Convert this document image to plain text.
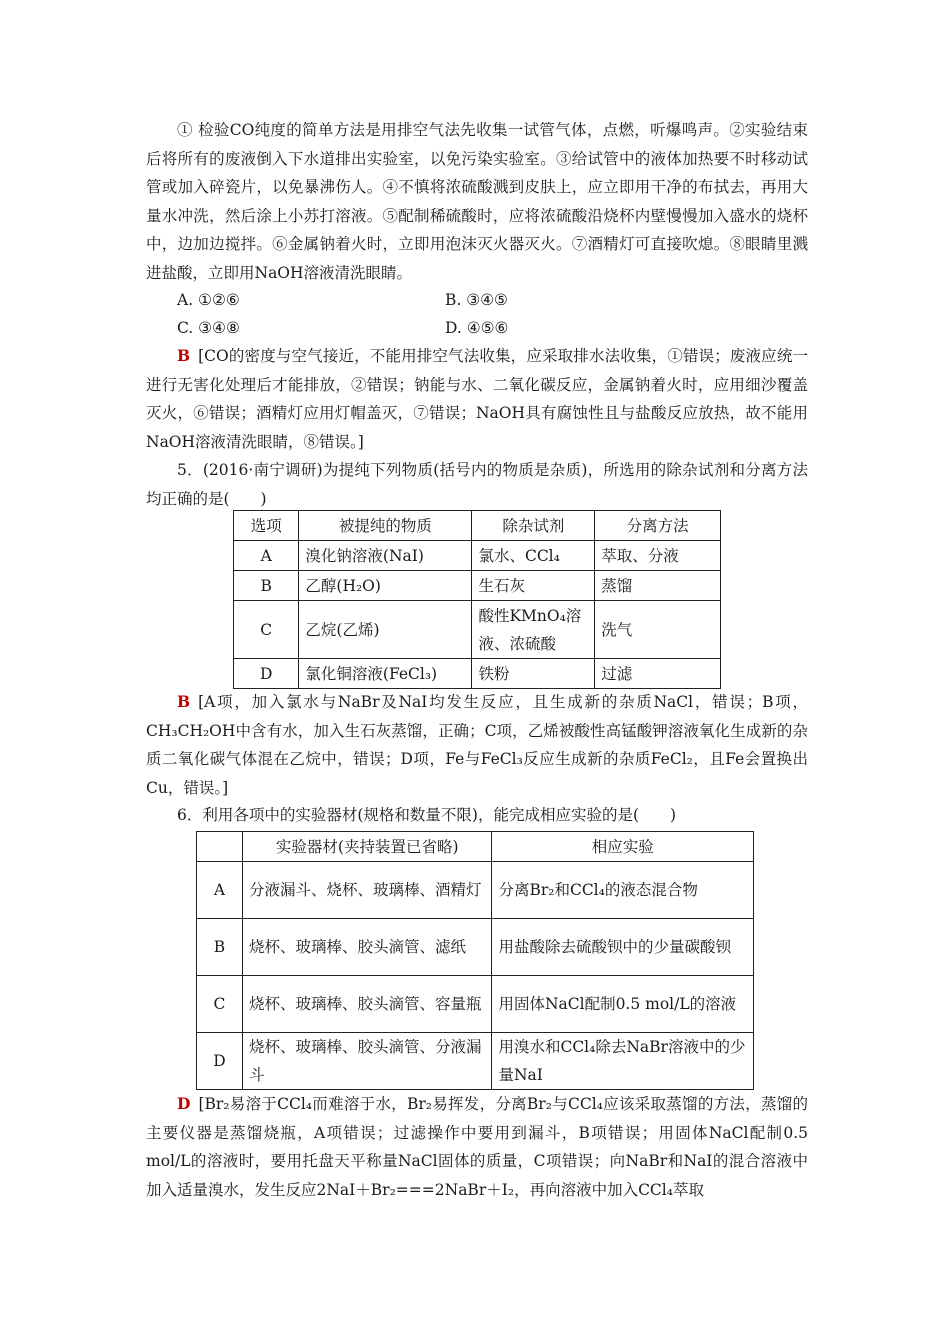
① 检验CO纯度的简单方法是用排空气法先收集一试管气体，点燃，听爆鸣声。②实验结束后将所有的废液倒入下水道排出实验室，以免污染实验室。③给试管中的液体加热要不时移动试管或加入碎瓷片，以免暴沸伤人。④不慎将浓硫酸溅到皮肤上，应立即用干净的布拭去，再用大量水冲洗，然后涂上小苏打溶液。⑤配制稀硫酸时，应将浓硫酸沿烧杯内壁慢慢加入盛水的烧杯中，边加边搅拌。⑥金属钠着火时，立即用泡沫灭火器灭火。⑦酒精灯可直接吹熄。⑧眼睛里溅进盐酸，立即用NaOH溶液清洗眼睛。
A. ①②⑥	B. ③④⑤
C. ③④⑧	D. ④⑤⑥
B [CO的密度与空气接近，不能用排空气法收集，应采取排水法收集，①错误；废液应统一进行无害化处理后才能排放，②错误；钠能与水、二氧化碳反应，金属钠着火时，应用细沙覆盖灭火，⑥错误；酒精灯应用灯帽盖灭，⑦错误；NaOH具有腐蚀性且与盐酸反应放热，故不能用NaOH溶液清洗眼睛，⑧错误。]
5．(2016·南宁调研)为提纯下列物质(括号内的物质是杂质)，所选用的除杂试剂和分离方法均正确的是(　　)
选项	被提纯的物质	除杂试剂	分离方法
A	溴化钠溶液(NaI)	氯水、CCl₄	萃取、分液
B	乙醇(H₂O)	生石灰	蒸馏
C	乙烷(乙烯)	酸性KMnO₄溶液、浓硫酸	洗气
D	氯化铜溶液(FeCl₃)	铁粉	过滤
B [A项，加入氯水与NaBr及NaI均发生反应，且生成新的杂质NaCl，错误；B项，CH₃CH₂OH中含有水，加入生石灰蒸馏，正确；C项，乙烯被酸性高锰酸钾溶液氧化生成新的杂质二氧化碳气体混在乙烷中，错误；D项，Fe与FeCl₃反应生成新的杂质FeCl₂，且Fe会置换出Cu，错误。]
6．利用各项中的实验器材(规格和数量不限)，能完成相应实验的是(　　)
	实验器材(夹持装置已省略)	相应实验
A	分液漏斗、烧杯、玻璃棒、酒精灯	分离Br₂和CCl₄的液态混合物
B	烧杯、玻璃棒、胶头滴管、滤纸	用盐酸除去硫酸钡中的少量碳酸钡
C	烧杯、玻璃棒、胶头滴管、容量瓶	用固体NaCl配制0.5 mol/L的溶液
D	烧杯、玻璃棒、胶头滴管、分液漏斗	用溴水和CCl₄除去NaBr溶液中的少量NaI
D [Br₂易溶于CCl₄而难溶于水，Br₂易挥发，分离Br₂与CCl₄应该采取蒸馏的方法，蒸馏的主要仪器是蒸馏烧瓶，A项错误；过滤操作中要用到漏斗，B项错误；用固体NaCl配制0.5 mol/L的溶液时，要用托盘天平称量NaCl固体的质量，C项错误；向NaBr和NaI的混合溶液中加入适量溴水，发生反应2NaI＋Br₂===2NaBr＋I₂，再向溶液中加入CCl₄萃取
